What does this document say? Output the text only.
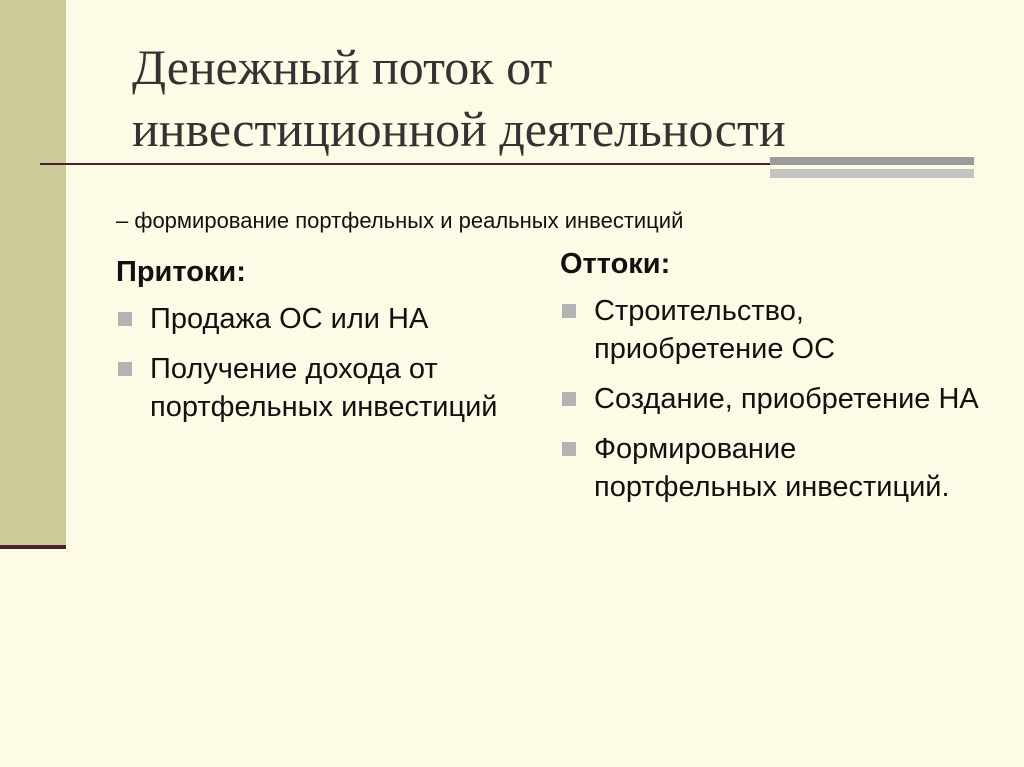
Денежный поток от
инвестиционной деятельности
– формирование портфельных и реальных инвестиций
Притоки:
Продажа ОС или НА
Получение дохода от портфельных инвестиций
Оттоки:
Строительство, приобретение ОС
Создание, приобретение НА
Формирование портфельных инвестиций.
